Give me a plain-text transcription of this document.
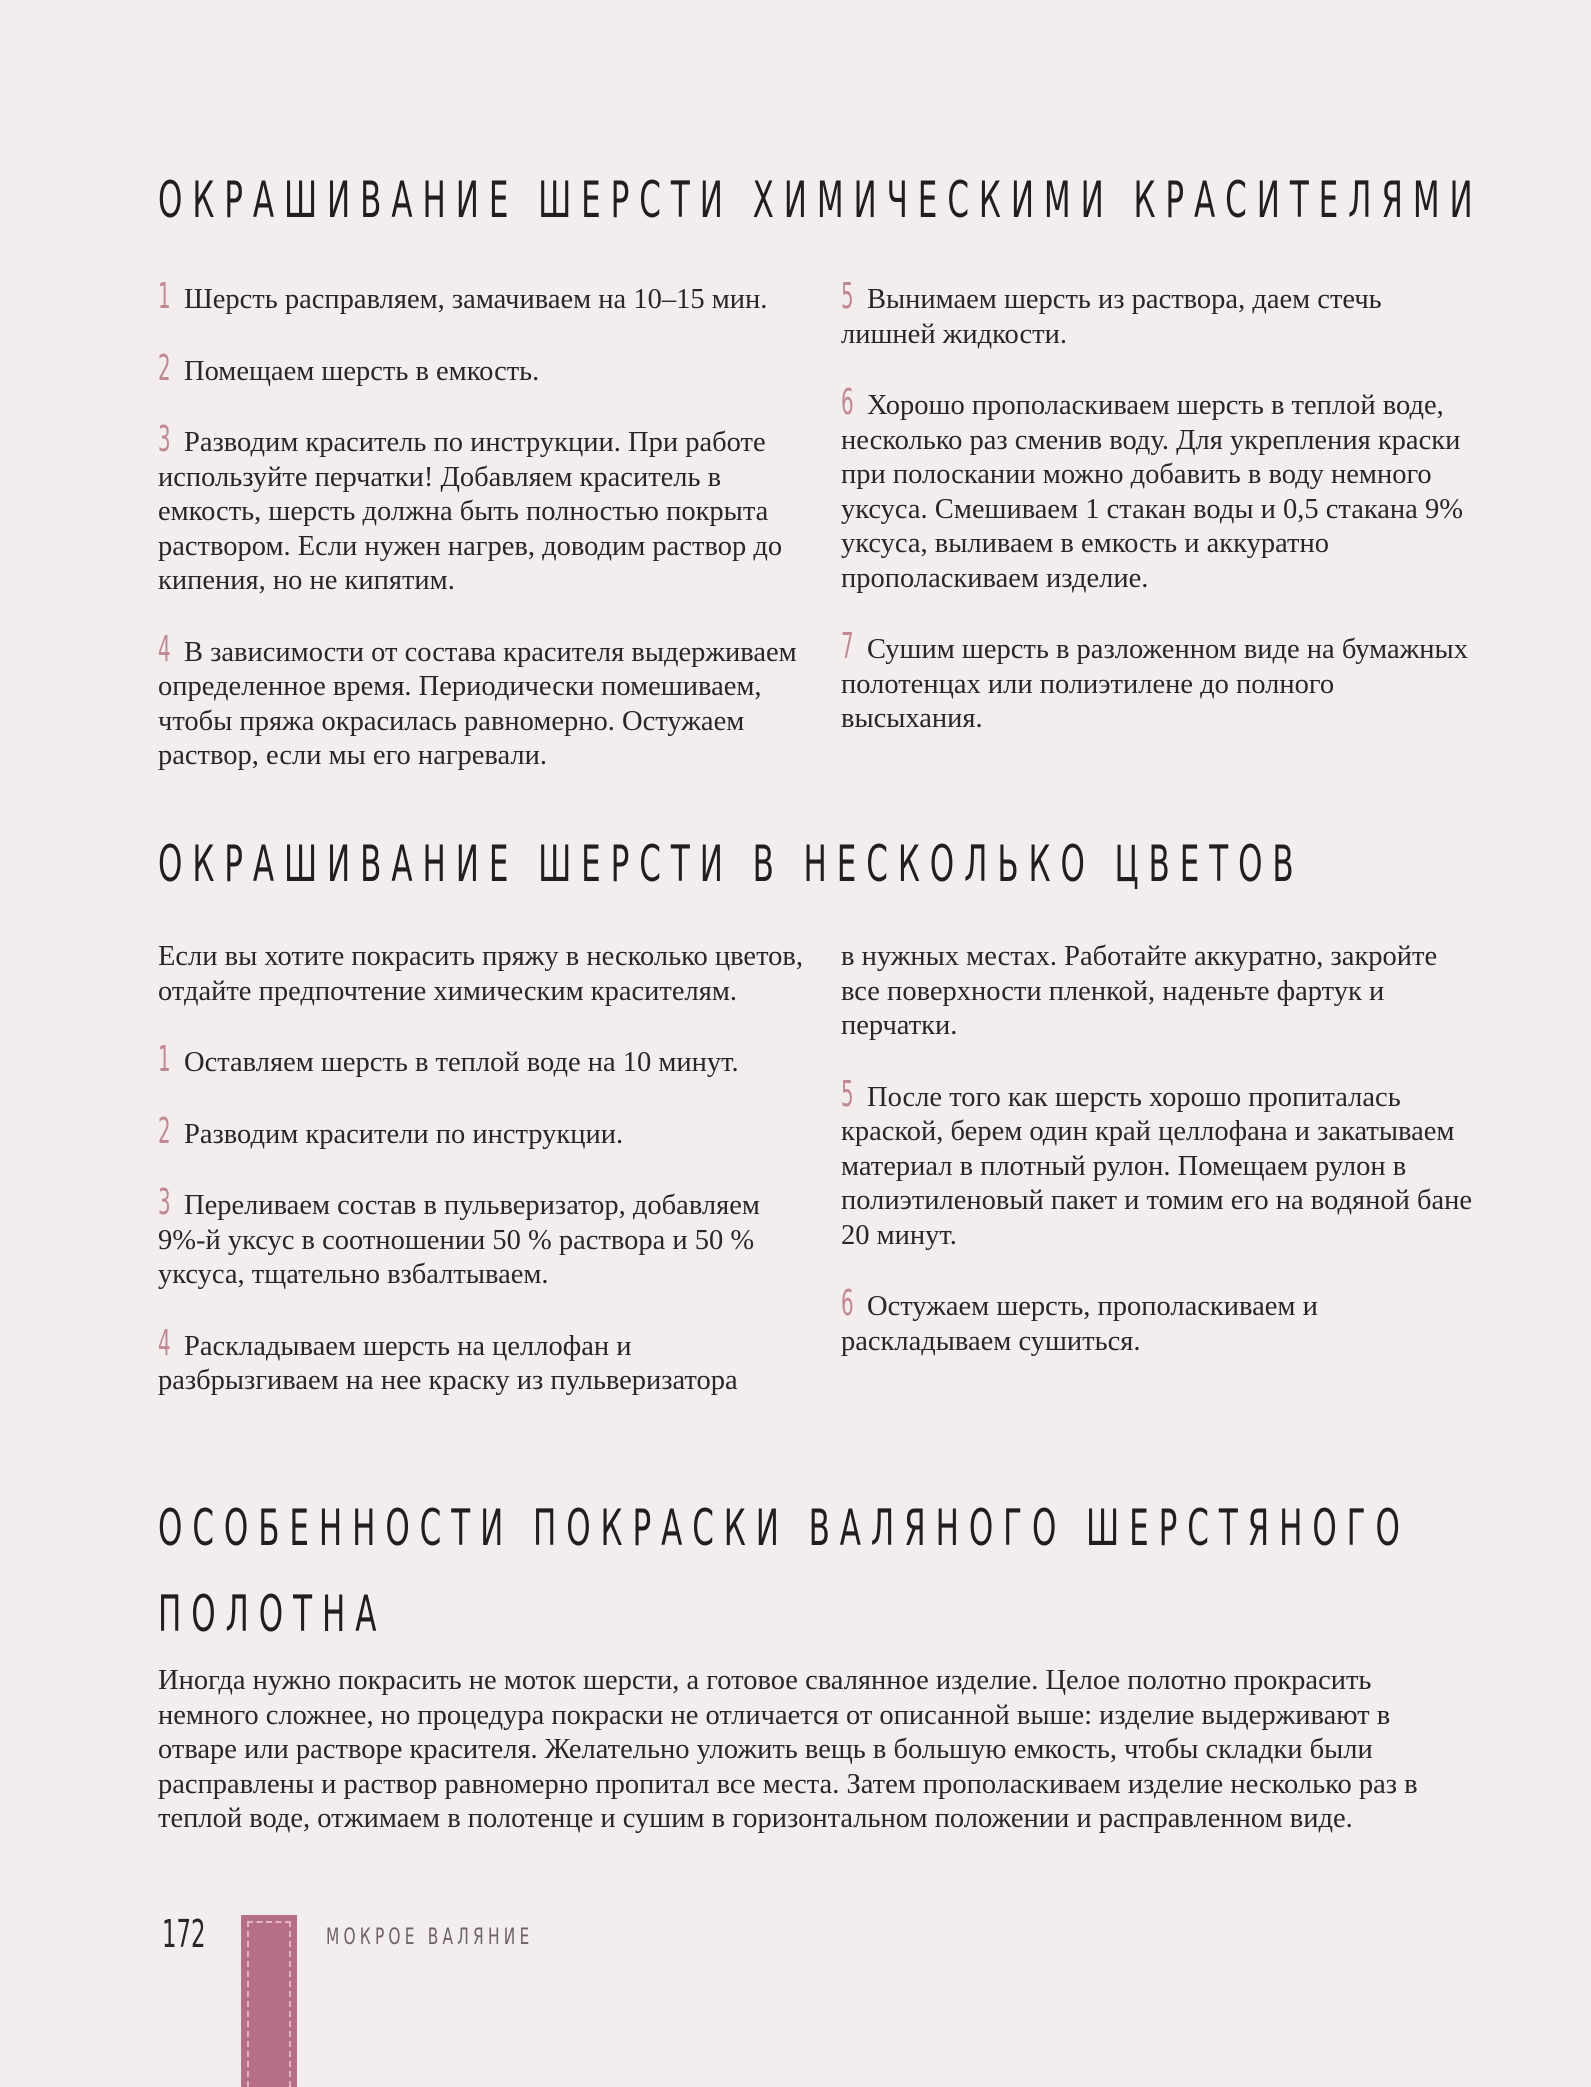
ОКРАШИВАНИЕ ШЕРСТИ ХИМИЧЕСКИМИ КРАСИТЕЛЯМИ

1 Шерсть расправляем, замачиваем на 10–15 мин.

2 Помещаем шерсть в емкость.

3 Разводим краситель по инструкции. При работе используйте перчатки! Добавляем краситель в емкость, шерсть должна быть полностью покрыта раствором. Если нужен нагрев, доводим раствор до кипения, но не кипятим.

4 В зависимости от состава красителя выдерживаем определенное время. Периодически помешиваем, чтобы пряжа окрасилась равномерно. Остужаем раствор, если мы его нагревали.

5 Вынимаем шерсть из раствора, даем стечь лишней жидкости.

6 Хорошо прополаскиваем шерсть в теплой воде, несколько раз сменив воду. Для укрепления краски при полоскании можно добавить в воду немного уксуса. Смешиваем 1 стакан воды и 0,5 стакана 9% уксуса, выливаем в емкость и аккуратно прополаскиваем изделие.

7 Сушим шерсть в разложенном виде на бумажных полотенцах или полиэтилене до полного высыхания.

ОКРАШИВАНИЕ ШЕРСТИ В НЕСКОЛЬКО ЦВЕТОВ

Если вы хотите покрасить пряжу в несколько цветов, отдайте предпочтение химическим красителям.

1 Оставляем шерсть в теплой воде на 10 минут.

2 Разводим красители по инструкции.

3 Переливаем состав в пульверизатор, добавляем 9%-й уксус в соотношении 50 % раствора и 50 % уксуса, тщательно взбалтываем.

4 Раскладываем шерсть на целлофан и разбрызгиваем на нее краску из пульверизатора

в нужных местах. Работайте аккуратно, закройте все поверхности пленкой, наденьте фартук и перчатки.

5 После того как шерсть хорошо пропиталась краской, берем один край целлофана и закатываем материал в плотный рулон. Помещаем рулон в полиэтиленовый пакет и томим его на водяной бане 20 минут.

6 Остужаем шерсть, прополаскиваем и раскладываем сушиться.

ОСОБЕННОСТИ ПОКРАСКИ ВАЛЯНОГО ШЕРСТЯНОГО
ПОЛОТНА
Иногда нужно покрасить не моток шерсти, а готовое свалянное изделие. Целое полотно прокрасить немного сложнее, но процедура покраски не отличается от описанной выше: изделие выдерживают в отваре или растворе красителя. Желательно уложить вещь в большую емкость, чтобы складки были расправлены и раствор равномерно пропитал все места. Затем прополаскиваем изделие несколько раз в теплой воде, отжимаем в полотенце и сушим в горизонтальном положении и расправленном виде.
172	МОКРОЕ ВАЛЯНИЕ
